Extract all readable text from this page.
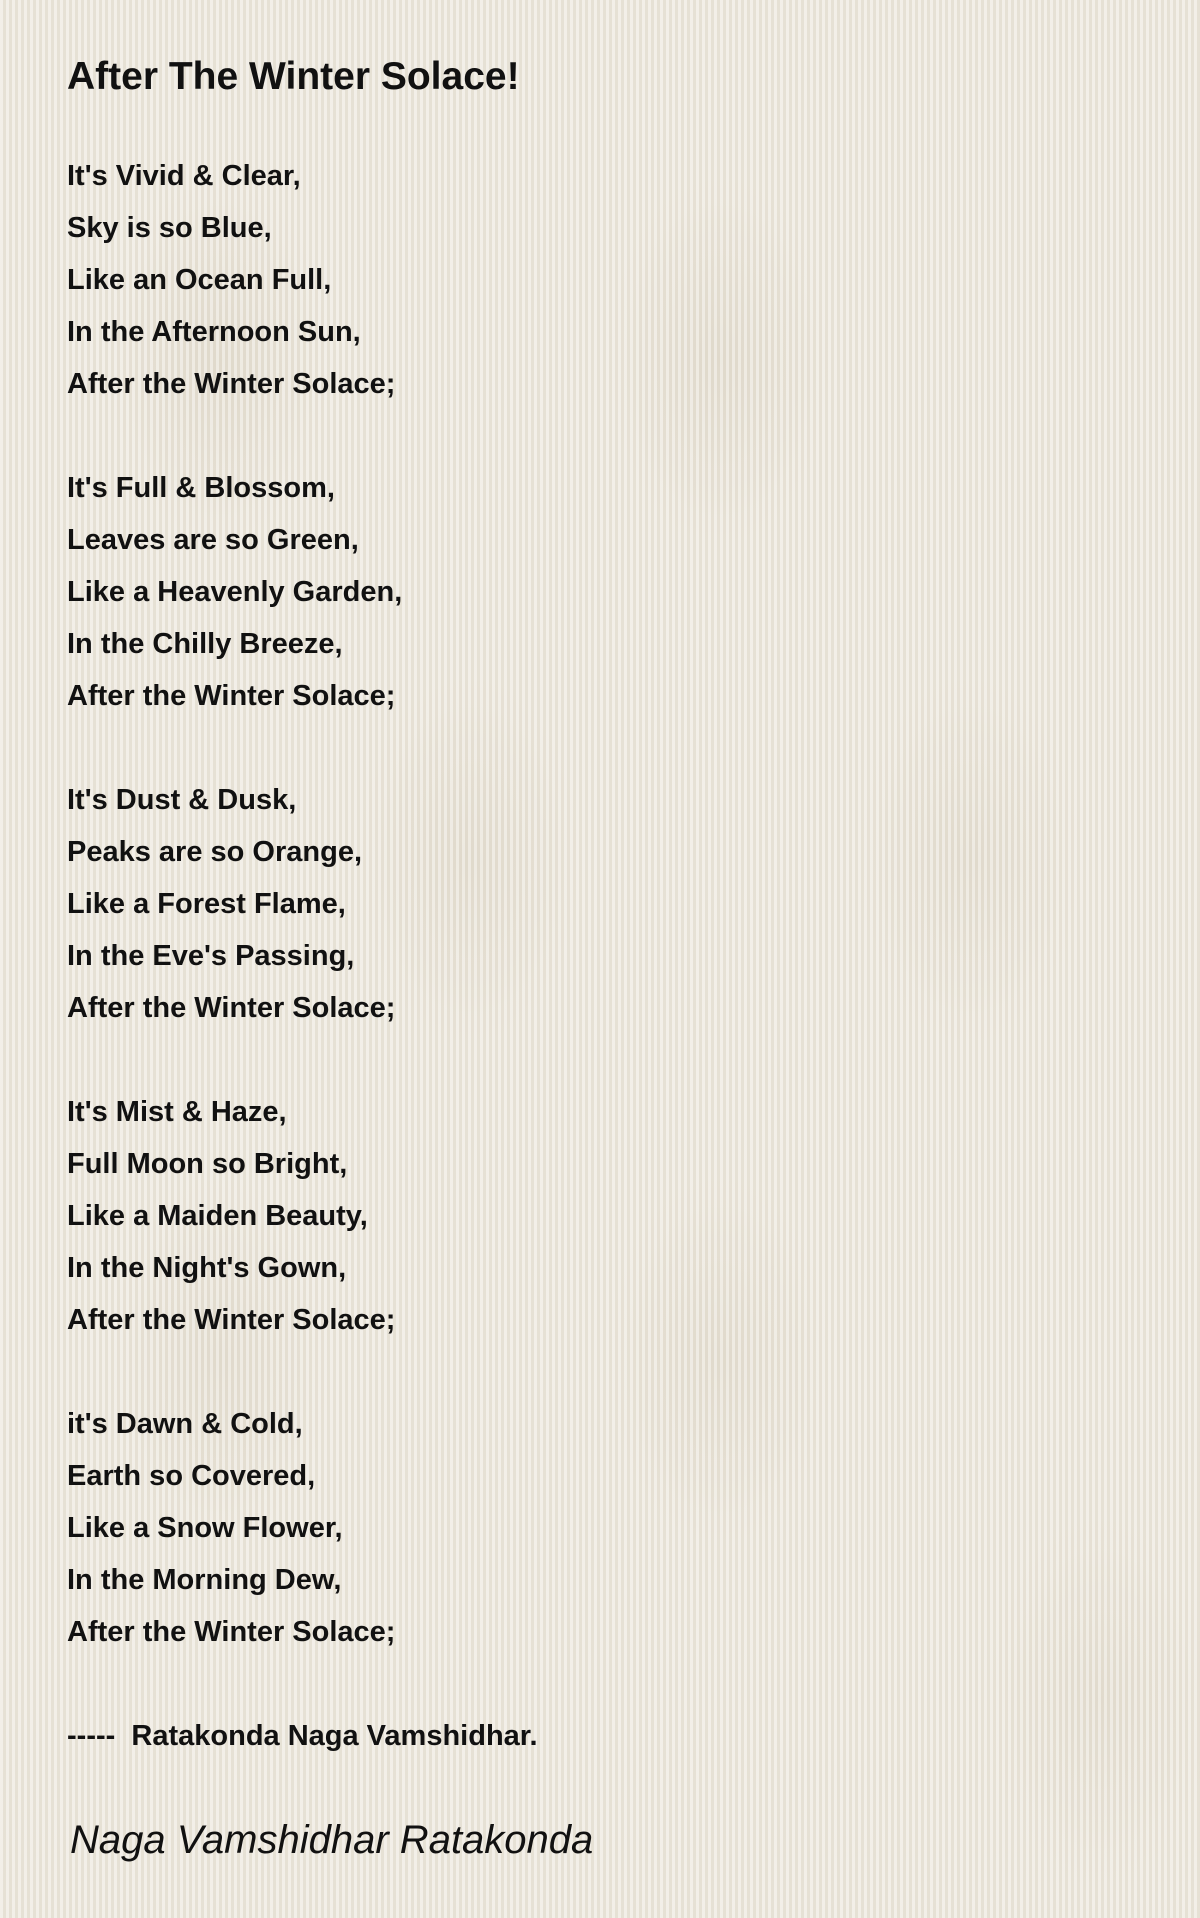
After The Winter Solace!
It's Vivid & Clear,
Sky is so Blue,
Like an Ocean Full,
In the Afternoon Sun,
After the Winter Solace;
It's Full & Blossom,
Leaves are so Green,
Like a Heavenly Garden,
In the Chilly Breeze,
After the Winter Solace;
It's Dust & Dusk,
Peaks are so Orange,
Like a Forest Flame,
In the Eve's Passing,
After the Winter Solace;
It's Mist & Haze,
Full Moon so Bright,
Like a Maiden Beauty,
In the Night's Gown,
After the Winter Solace;
it's Dawn & Cold,
Earth so Covered,
Like a Snow Flower,
In the Morning Dew,
After the Winter Solace;
-----  Ratakonda Naga Vamshidhar.
Naga Vamshidhar Ratakonda
